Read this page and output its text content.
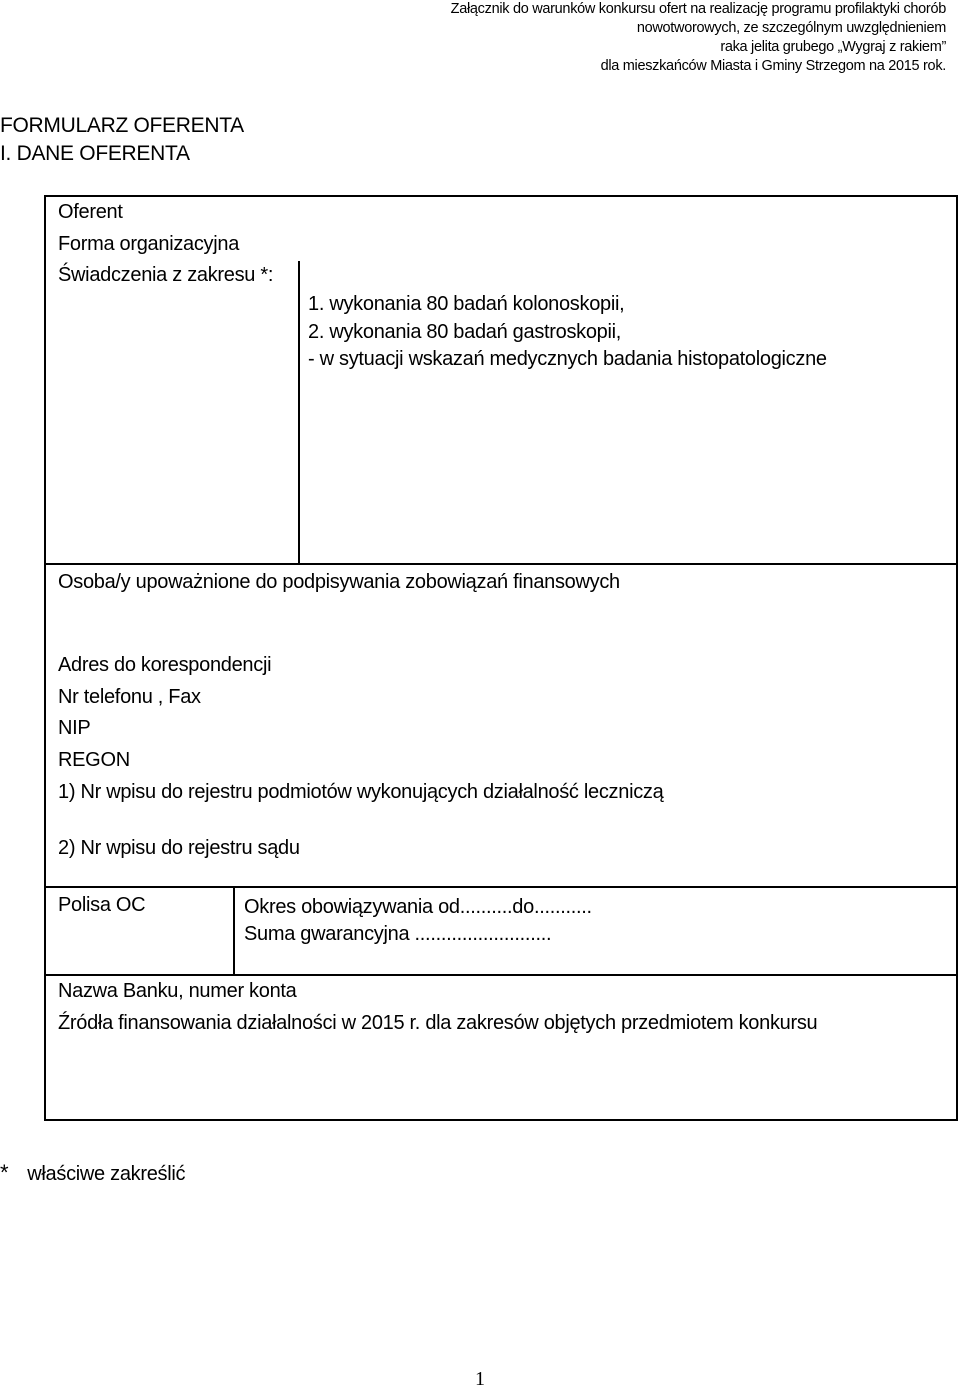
Załącznik do warunków konkursu ofert na realizację programu profilaktyki chorób
nowotworowych, ze szczególnym uwzględnieniem
raka jelita grubego „Wygraj z rakiem”
dla mieszkańców Miasta i Gminy Strzegom na 2015 rok.
FORMULARZ OFERENTA
I. DANE OFERENTA
Oferent
Forma organizacyjna
Świadczenia z zakresu *:
1. wykonania 80 badań kolonoskopii,
2. wykonania 80 badań gastroskopii,
- w sytuacji wskazań medycznych badania histopatologiczne
Osoba/y upoważnione do podpisywania zobowiązań finansowych
Adres do korespondencji
Nr telefonu , Fax
NIP
REGON
1) Nr wpisu do rejestru podmiotów wykonujących działalność leczniczą
2) Nr wpisu do rejestru sądu
Polisa OC	Okres obowiązywania od..........do...........
Suma gwarancyjna ..........................
Nazwa Banku, numer konta
Źródła finansowania działalności w 2015 r. dla zakresów objętych przedmiotem konkursu
* właściwe zakreślić
1
